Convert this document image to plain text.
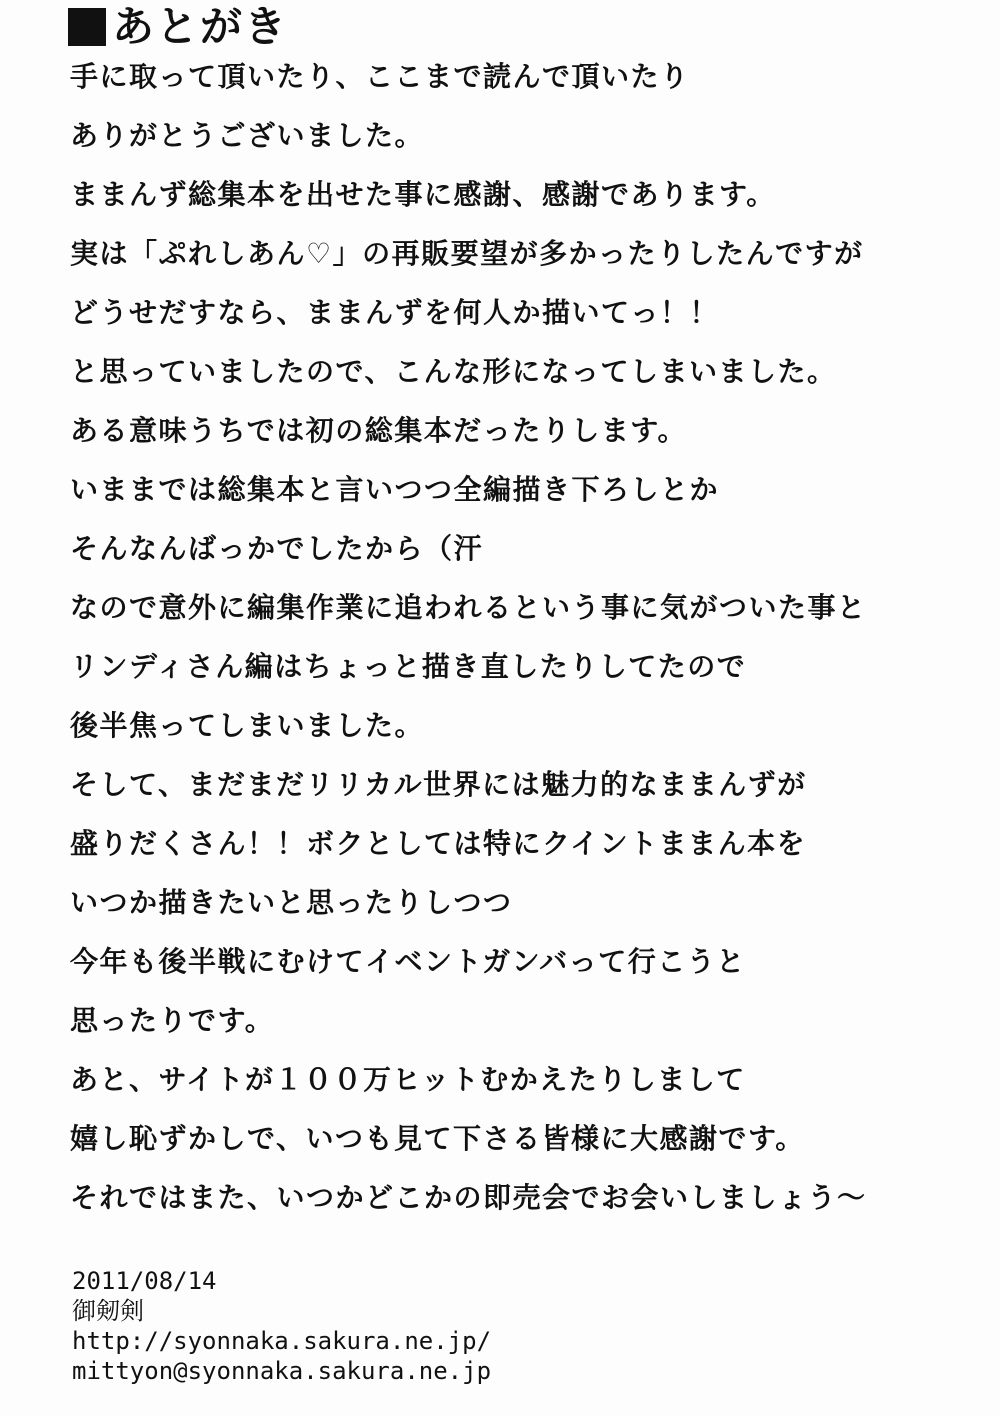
あとがき
手に取って頂いたり、ここまで読んで頂いたり
ありがとうございました。
ままんず総集本を出せた事に感謝、感謝であります。
実は「ぷれしあん♡」の再販要望が多かったりしたんですが
どうせだすなら、ままんずを何人か描いてっ！！
と思っていましたので、こんな形になってしまいました。
ある意味うちでは初の総集本だったりします。
いままでは総集本と言いつつ全編描き下ろしとか
そんなんばっかでしたから（汗
なので意外に編集作業に追われるという事に気がついた事と
リンディさん編はちょっと描き直したりしてたので
後半焦ってしまいました。
そして、まだまだリリカル世界には魅力的なままんずが
盛りだくさん！！ボクとしては特にクイントままん本を
いつか描きたいと思ったりしつつ
今年も後半戦にむけてイベントガンバって行こうと
思ったりです。
あと、サイトが１００万ヒットむかえたりしまして
嬉し恥ずかしで、いつも見て下さる皆様に大感謝です。
それではまた、いつかどこかの即売会でお会いしましょう～
2011/08/14
御剱剣
http://syonnaka.sakura.ne.jp/
mittyon@syonnaka.sakura.ne.jp
